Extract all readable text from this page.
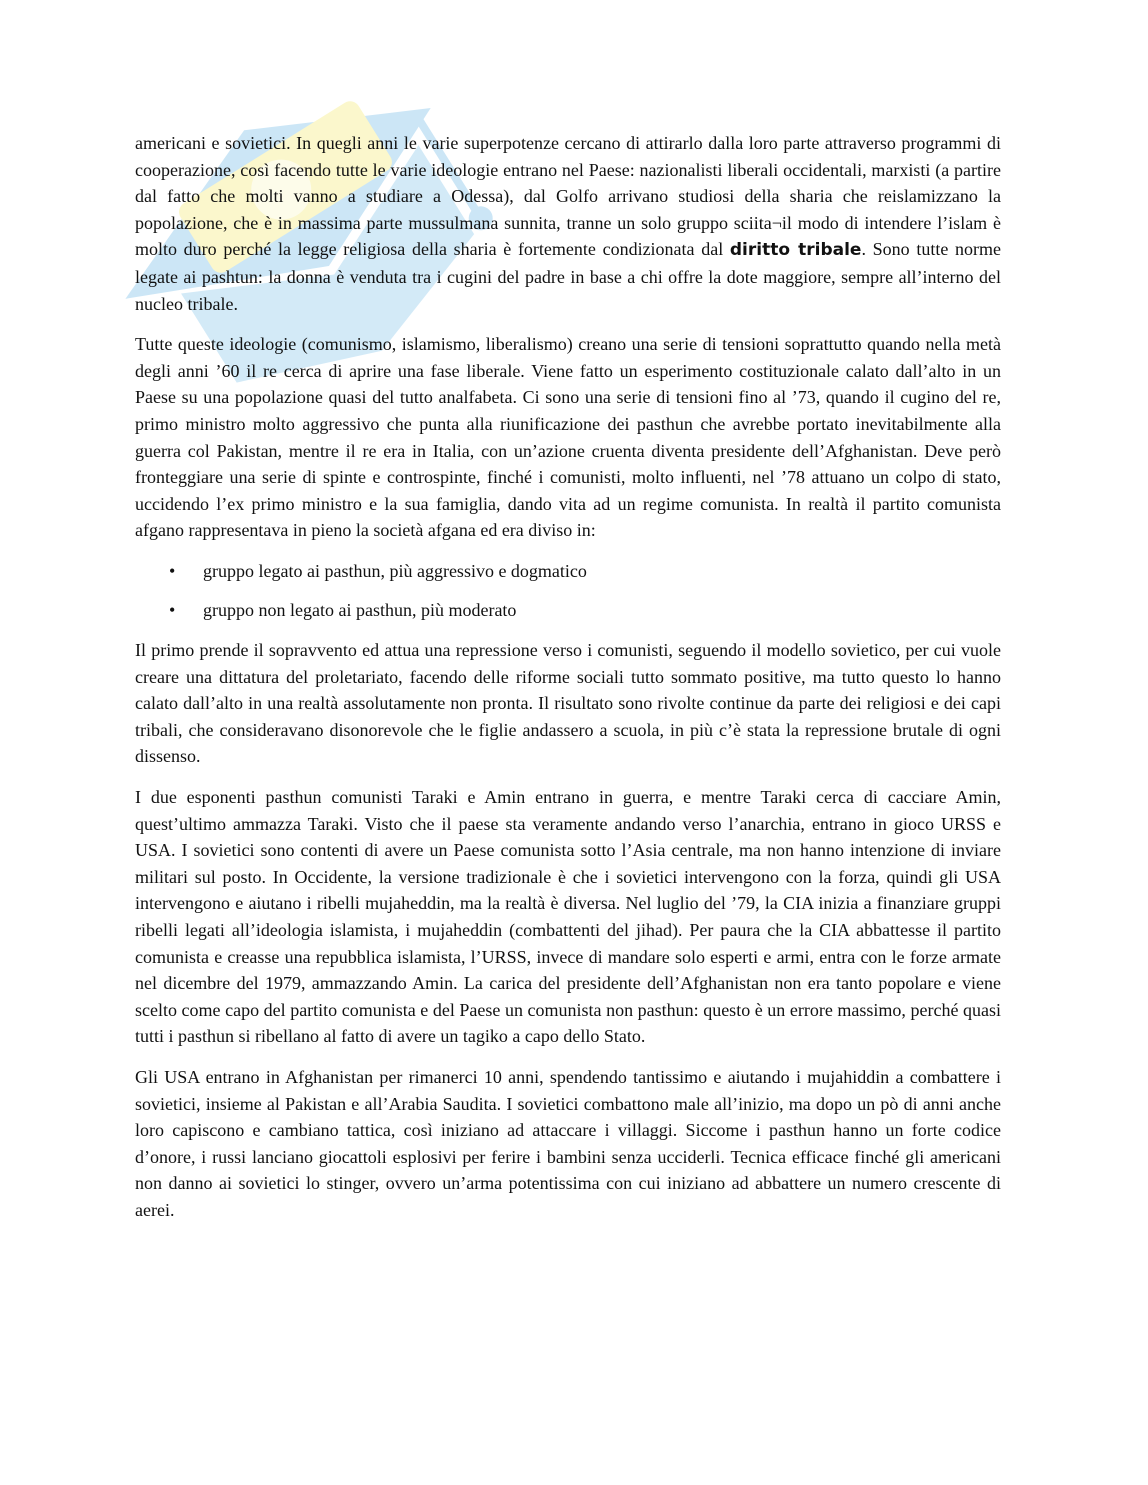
americani e sovietici. In quegli anni le varie superpotenze cercano di attirarlo dalla loro parte attraverso programmi di cooperazione, così facendo tutte le varie ideologie entrano nel Paese: nazionalisti liberali occidentali, marxisti (a partire dal fatto che molti vanno a studiare a Odessa), dal Golfo arrivano studiosi della sharia che reislamizzano la popolazione, che è in massima parte mussulmana sunnita, tranne un solo gruppo sciita¬il modo di intendere l’islam è molto duro perché la legge religiosa della sharia è fortemente condizionata dal diritto tribale. Sono tutte norme legate ai pashtun: la donna è venduta tra i cugini del padre in base a chi offre la dote maggiore, sempre all’interno del nucleo tribale.

Tutte queste ideologie (comunismo, islamismo, liberalismo) creano una serie di tensioni soprattutto quando nella metà degli anni ’60 il re cerca di aprire una fase liberale. Viene fatto un esperimento costituzionale calato dall’alto in un Paese su una popolazione quasi del tutto analfabeta. Ci sono una serie di tensioni fino al ’73, quando il cugino del re, primo ministro molto aggressivo che punta alla riunificazione dei pasthun che avrebbe portato inevitabilmente alla guerra col Pakistan, mentre il re era in Italia, con un’azione cruenta diventa presidente dell’Afghanistan. Deve però fronteggiare una serie di spinte e controspinte, finché i comunisti, molto influenti, nel ’78 attuano un colpo di stato, uccidendo l’ex primo ministro e la sua famiglia, dando vita ad un regime comunista. In realtà il partito comunista afgano rappresentava in pieno la società afgana ed era diviso in:

• gruppo legato ai pasthun, più aggressivo e dogmatico
• gruppo non legato ai pasthun, più moderato

Il primo prende il sopravvento ed attua una repressione verso i comunisti, seguendo il modello sovietico, per cui vuole creare una dittatura del proletariato, facendo delle riforme sociali tutto sommato positive, ma tutto questo lo hanno calato dall’alto in una realtà assolutamente non pronta. Il risultato sono rivolte continue da parte dei religiosi e dei capi tribali, che consideravano disonorevole che le figlie andassero a scuola, in più c’è stata la repressione brutale di ogni dissenso.

I due esponenti pasthun comunisti Taraki e Amin entrano in guerra, e mentre Taraki cerca di cacciare Amin, quest’ultimo ammazza Taraki. Visto che il paese sta veramente andando verso l’anarchia, entrano in gioco URSS e USA. I sovietici sono contenti di avere un Paese comunista sotto l’Asia centrale, ma non hanno intenzione di inviare militari sul posto. In Occidente, la versione tradizionale è che i sovietici intervengono con la forza, quindi gli USA intervengono e aiutano i ribelli mujaheddin, ma la realtà è diversa. Nel luglio del ’79, la CIA inizia a finanziare gruppi ribelli legati all’ideologia islamista, i mujaheddin (combattenti del jihad). Per paura che la CIA abbattesse il partito comunista e creasse una repubblica islamista, l’URSS, invece di mandare solo esperti e armi, entra con le forze armate nel dicembre del 1979, ammazzando Amin. La carica del presidente dell’Afghanistan non era tanto popolare e viene scelto come capo del partito comunista e del Paese un comunista non pasthun: questo è un errore massimo, perché quasi tutti i pasthun si ribellano al fatto di avere un tagiko a capo dello Stato.

Gli USA entrano in Afghanistan per rimanerci 10 anni, spendendo tantissimo e aiutando i mujahiddin a combattere i sovietici, insieme al Pakistan e all’Arabia Saudita. I sovietici combattono male all’inizio, ma dopo un pò di anni anche loro capiscono e cambiano tattica, così iniziano ad attaccare i villaggi. Siccome i pasthun hanno un forte codice d’onore, i russi lanciano giocattoli esplosivi per ferire i bambini senza ucciderli. Tecnica efficace finché gli americani non danno ai sovietici lo stinger, ovvero un’arma potentissima con cui iniziano ad abbattere un numero crescente di aerei.
